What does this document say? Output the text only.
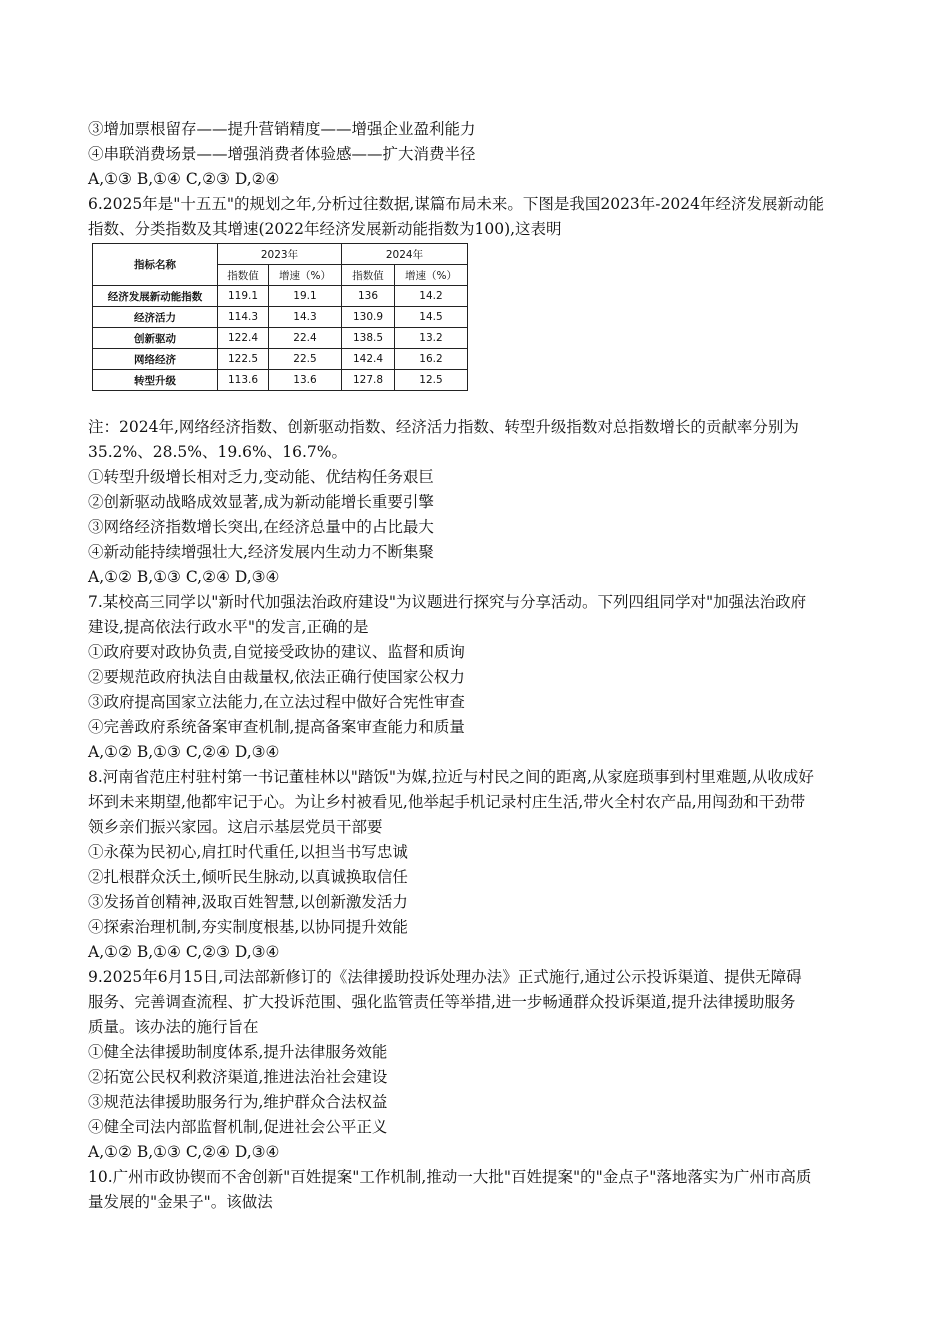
③增加票根留存——提升营销精度——增强企业盈利能力
④串联消费场景——增强消费者体验感——扩大消费半径
A,①③ B,①④ C,②③ D,②④
6.2025年是"十五五"的规划之年,分析过往数据,谋篇布局未来。下图是我国2023年-2024年经济发展新动能
指数、分类指数及其增速(2022年经济发展新动能指数为100),这表明
指标名称	2023年		2024年	
	指数值	增速（%）	指数值	增速（%）
经济发展新动能指数	119.1	19.1	136	14.2
经济活力	114.3	14.3	130.9	14.5
创新驱动	122.4	22.4	138.5	13.2
网络经济	122.5	22.5	142.4	16.2
转型升级	113.6	13.6	127.8	12.5
注：2024年,网络经济指数、创新驱动指数、经济活力指数、转型升级指数对总指数增长的贡献率分别为
35.2%、28.5%、19.6%、16.7%。
①转型升级增长相对乏力,变动能、优结构任务艰巨
②创新驱动战略成效显著,成为新动能增长重要引擎
③网络经济指数增长突出,在经济总量中的占比最大
④新动能持续增强壮大,经济发展内生动力不断集聚
A,①② B,①③ C,②④ D,③④
7.某校高三同学以"新时代加强法治政府建设"为议题进行探究与分享活动。下列四组同学对"加强法治政府
建设,提高依法行政水平"的发言,正确的是
①政府要对政协负责,自觉接受政协的建议、监督和质询
②要规范政府执法自由裁量权,依法正确行使国家公权力
③政府提高国家立法能力,在立法过程中做好合宪性审查
④完善政府系统备案审查机制,提高备案审查能力和质量
A,①② B,①③ C,②④ D,③④
8.河南省范庄村驻村第一书记董桂林以"踏饭"为媒,拉近与村民之间的距离,从家庭琐事到村里难题,从收成好
坏到未来期望,他都牢记于心。为让乡村被看见,他举起手机记录村庄生活,带火全村农产品,用闯劲和干劲带
领乡亲们振兴家园。这启示基层党员干部要
①永葆为民初心,肩扛时代重任,以担当书写忠诚
②扎根群众沃土,倾听民生脉动,以真诚换取信任
③发扬首创精神,汲取百姓智慧,以创新激发活力
④探索治理机制,夯实制度根基,以协同提升效能
A,①② B,①④ C,②③ D,③④
9.2025年6月15日,司法部新修订的《法律援助投诉处理办法》正式施行,通过公示投诉渠道、提供无障碍
服务、完善调查流程、扩大投诉范围、强化监管责任等举措,进一步畅通群众投诉渠道,提升法律援助服务
质量。该办法的施行旨在
①健全法律援助制度体系,提升法律服务效能
②拓宽公民权利救济渠道,推进法治社会建设
③规范法律援助服务行为,维护群众合法权益
④健全司法内部监督机制,促进社会公平正义
A,①② B,①③ C,②④ D,③④
10.广州市政协锲而不舍创新"百姓提案"工作机制,推动一大批"百姓提案"的"金点子"落地落实为广州市高质
量发展的"金果子"。该做法
